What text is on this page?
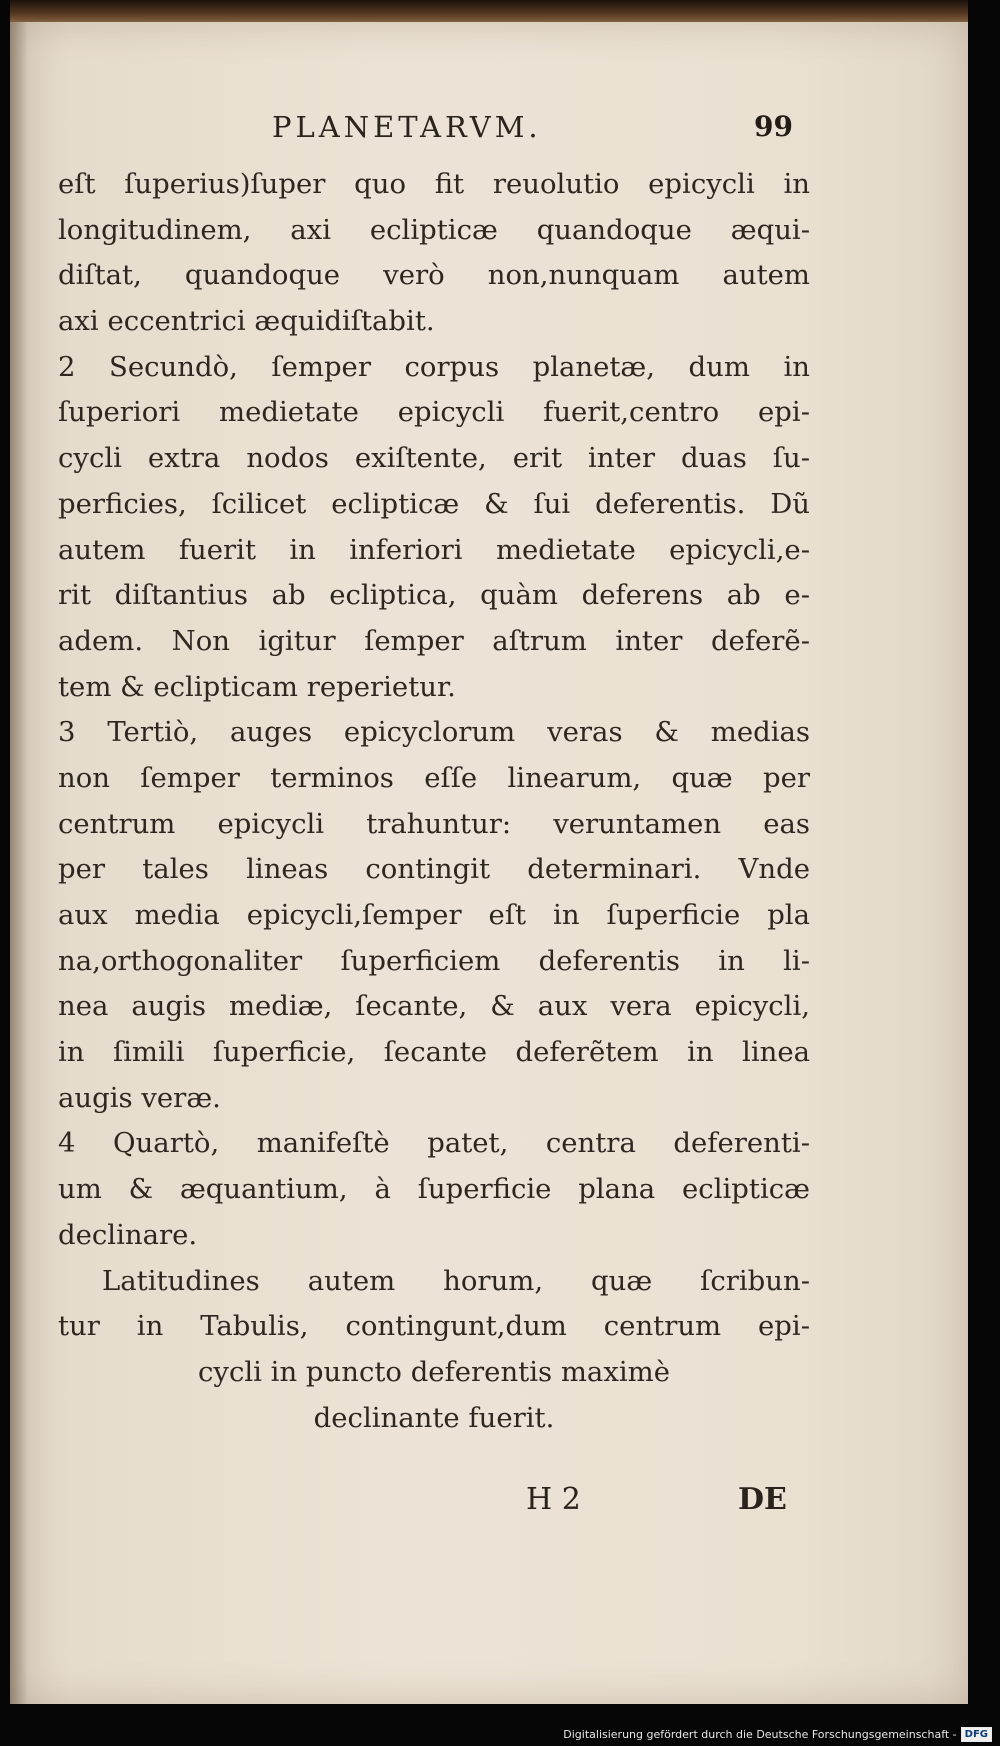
PLANETARVM.	99
eſt ſuperius)ſuper quo fit reuolutio epicycli in
longitudinem, axi eclipticæ quandoque æqui-
diſtat, quandoque verò non,nunquam autem
axi eccentrici æquidiſtabit.
2 Secundò, ſemper corpus planetæ, dum in
ſuperiori medietate epicycli fuerit,centro epi-
cycli extra nodos exiſtente, erit inter duas ſu-
perficies, ſcilicet eclipticæ & ſui deferentis. Dũ
autem fuerit in inferiori medietate epicycli,e-
rit diſtantius ab ecliptica, quàm deferens ab e-
adem. Non igitur ſemper aſtrum inter deferẽ-
tem & eclipticam reperietur.
3 Tertiò, auges epicyclorum veras & medias
non ſemper terminos eſſe linearum, quæ per
centrum epicycli trahuntur: veruntamen eas
per tales lineas contingit determinari. Vnde
aux media epicycli,ſemper eſt in ſuperficie pla
na,orthogonaliter ſuperficiem deferentis in li-
nea augis mediæ, ſecante, & aux vera epicycli,
in ſimili ſuperficie, ſecante deferẽtem in linea
augis veræ.
4 Quartò, manifeſtè patet, centra deferenti-
um & æquantium, à ſuperficie plana eclipticæ
declinare.
Latitudines autem horum, quæ ſcribun-
tur in Tabulis, contingunt,dum centrum epi-
cycli in puncto deferentis maximè
declinante fuerit.
H 2	DE
Digitalisierung gefördert durch die Deutsche Forschungsgemeinschaft - DFG
